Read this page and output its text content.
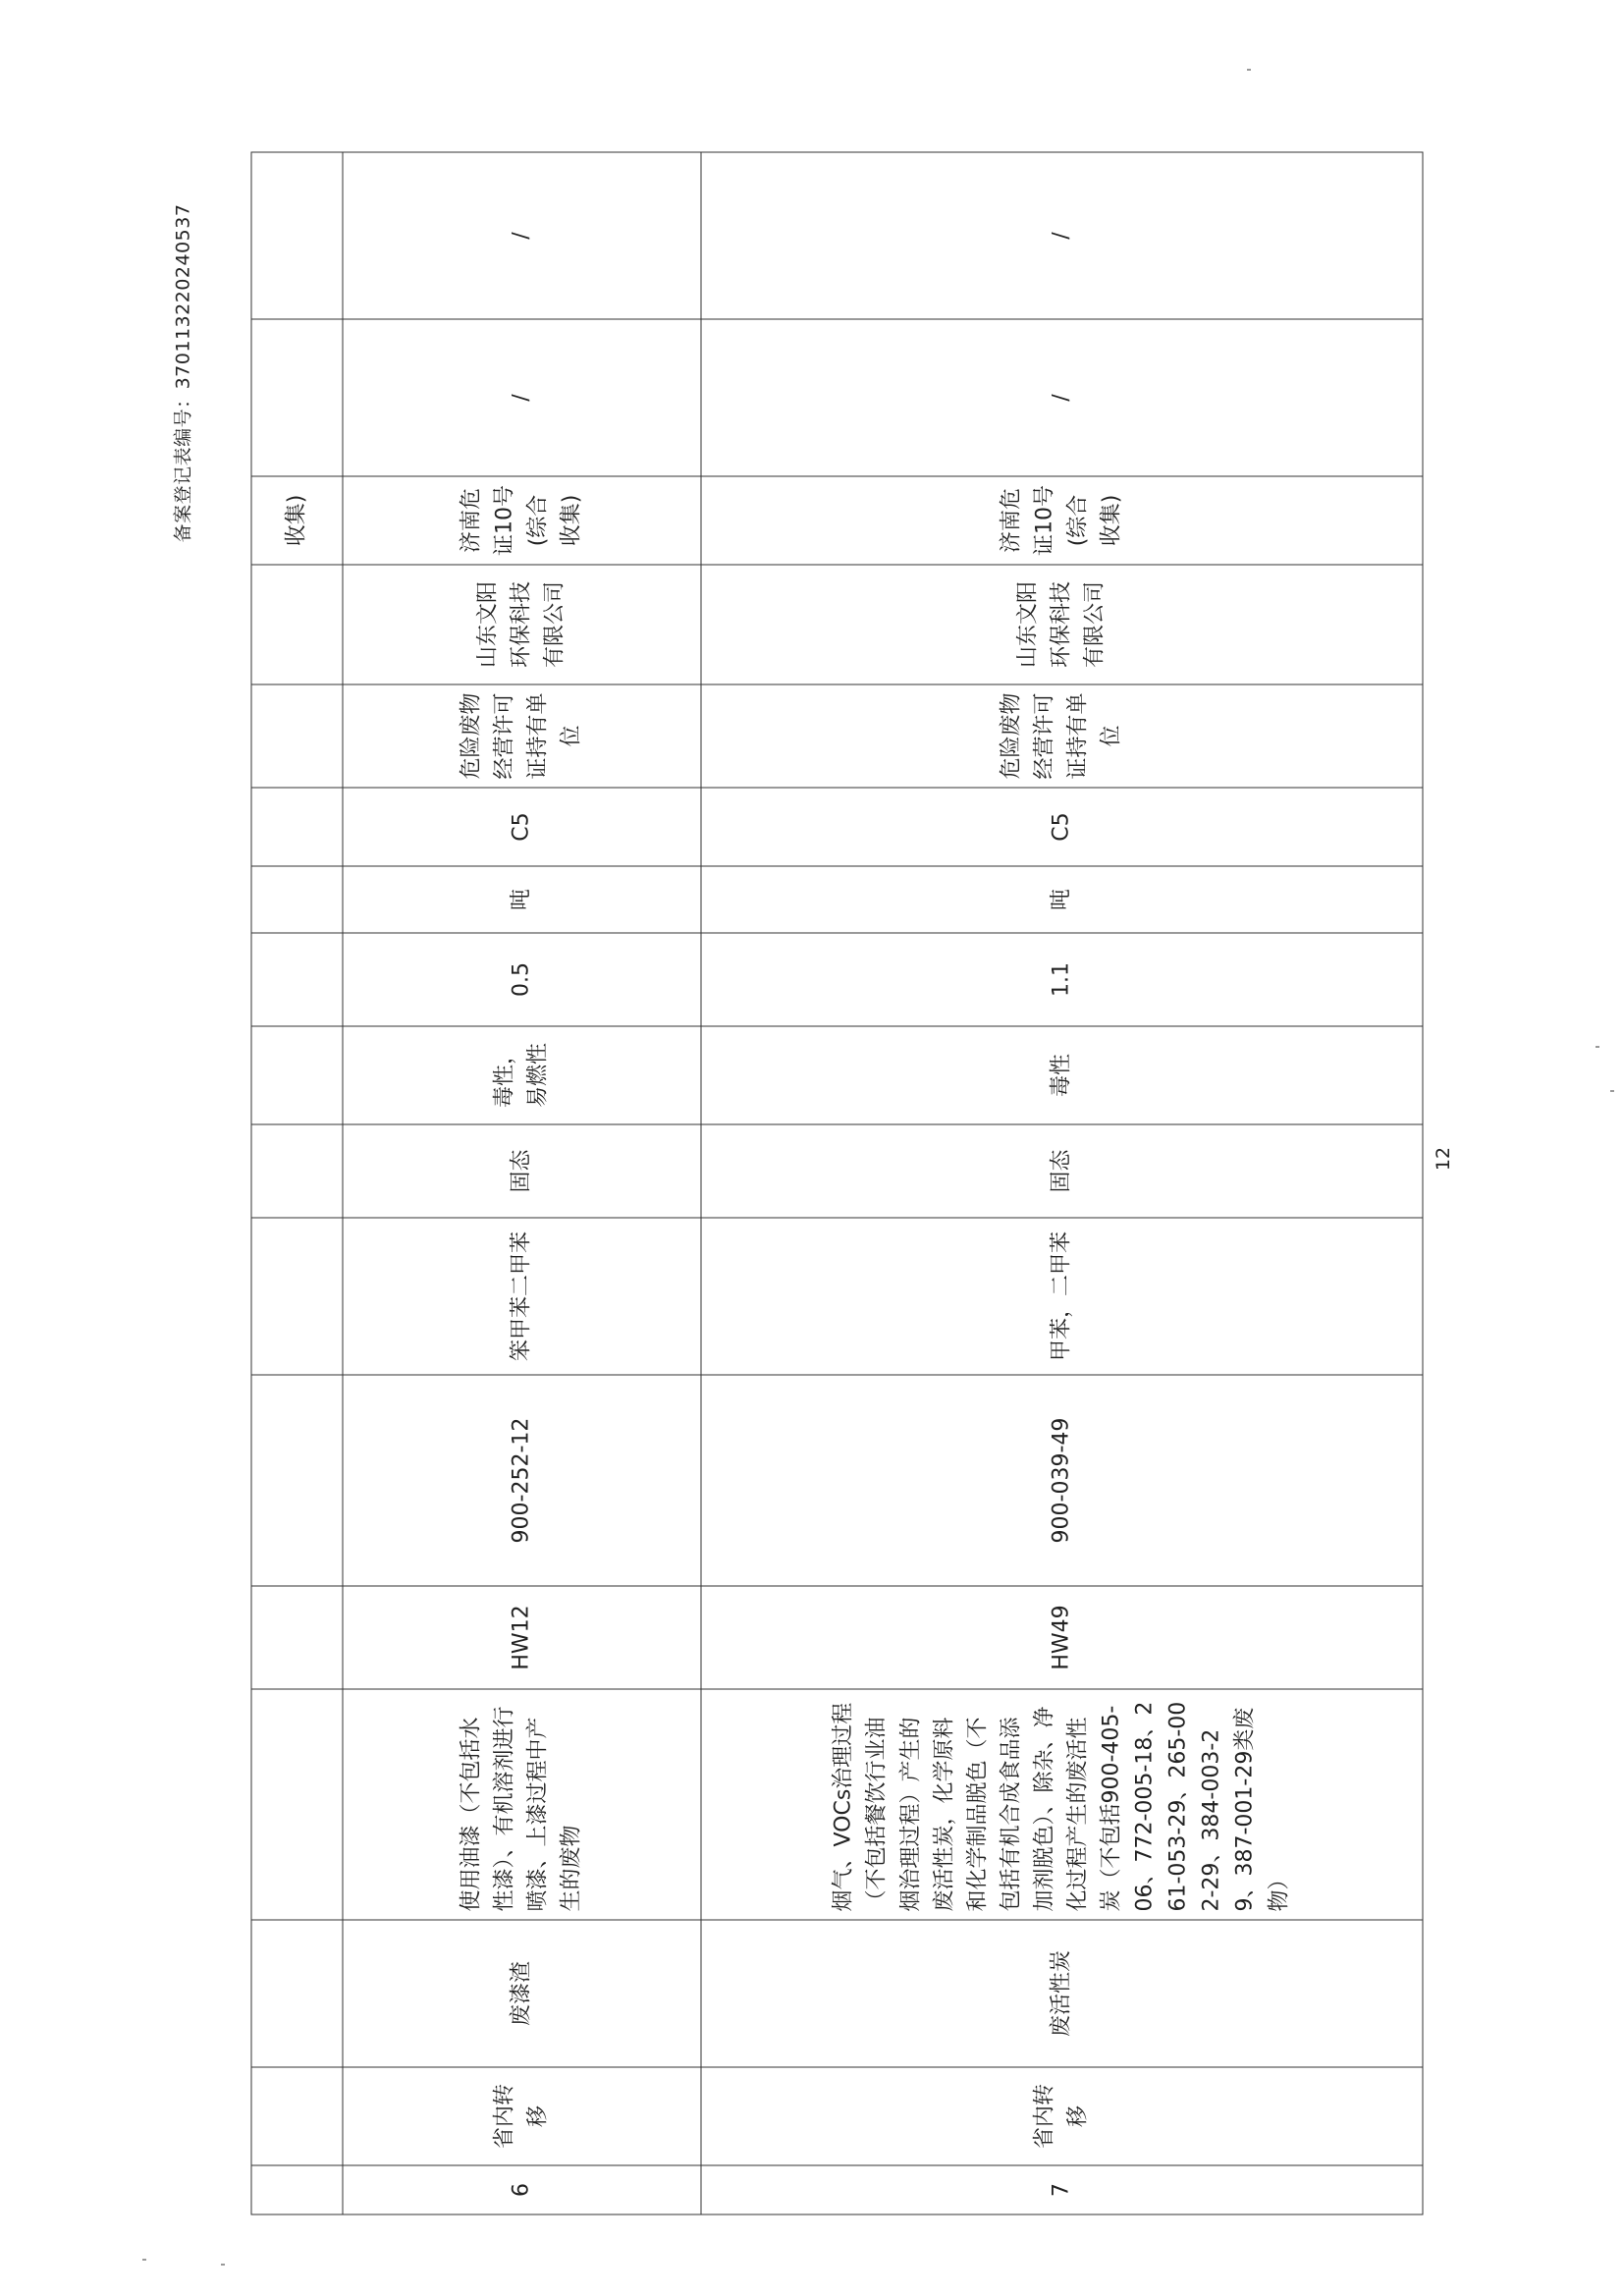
备案登记表编号：370113220240537
															收集)		
6	省内转移	废漆渣	使用油漆（不包括水性漆）、有机溶剂进行喷漆、上漆过程中产生的废物	HW12	900-252-12	笨甲苯二甲苯	固态	毒性，易燃性	0.5	吨	C5	危险废物经营许可证持有单位	山东文阳环保科技有限公司	济南危证10号(综合收集)	/	/
7	省内转移	废活性炭	烟气、VOCs治理过程（不包括餐饮行业油烟治理过程）产生的废活性炭，化学原料和化学制品脱色（不包括有机合成食品添加剂脱色）、除杂、净化过程产生的废活性炭（不包括900-405-06、772-005-18、261-053-29、265-002-29、384-003-29、387-001-29类废物）	HW49	900-039-49	甲苯，二甲苯	固态	毒性	1.1	吨	C5	危险废物经营许可证持有单位	山东文阳环保科技有限公司	济南危证10号(综合收集)	/	/
12
